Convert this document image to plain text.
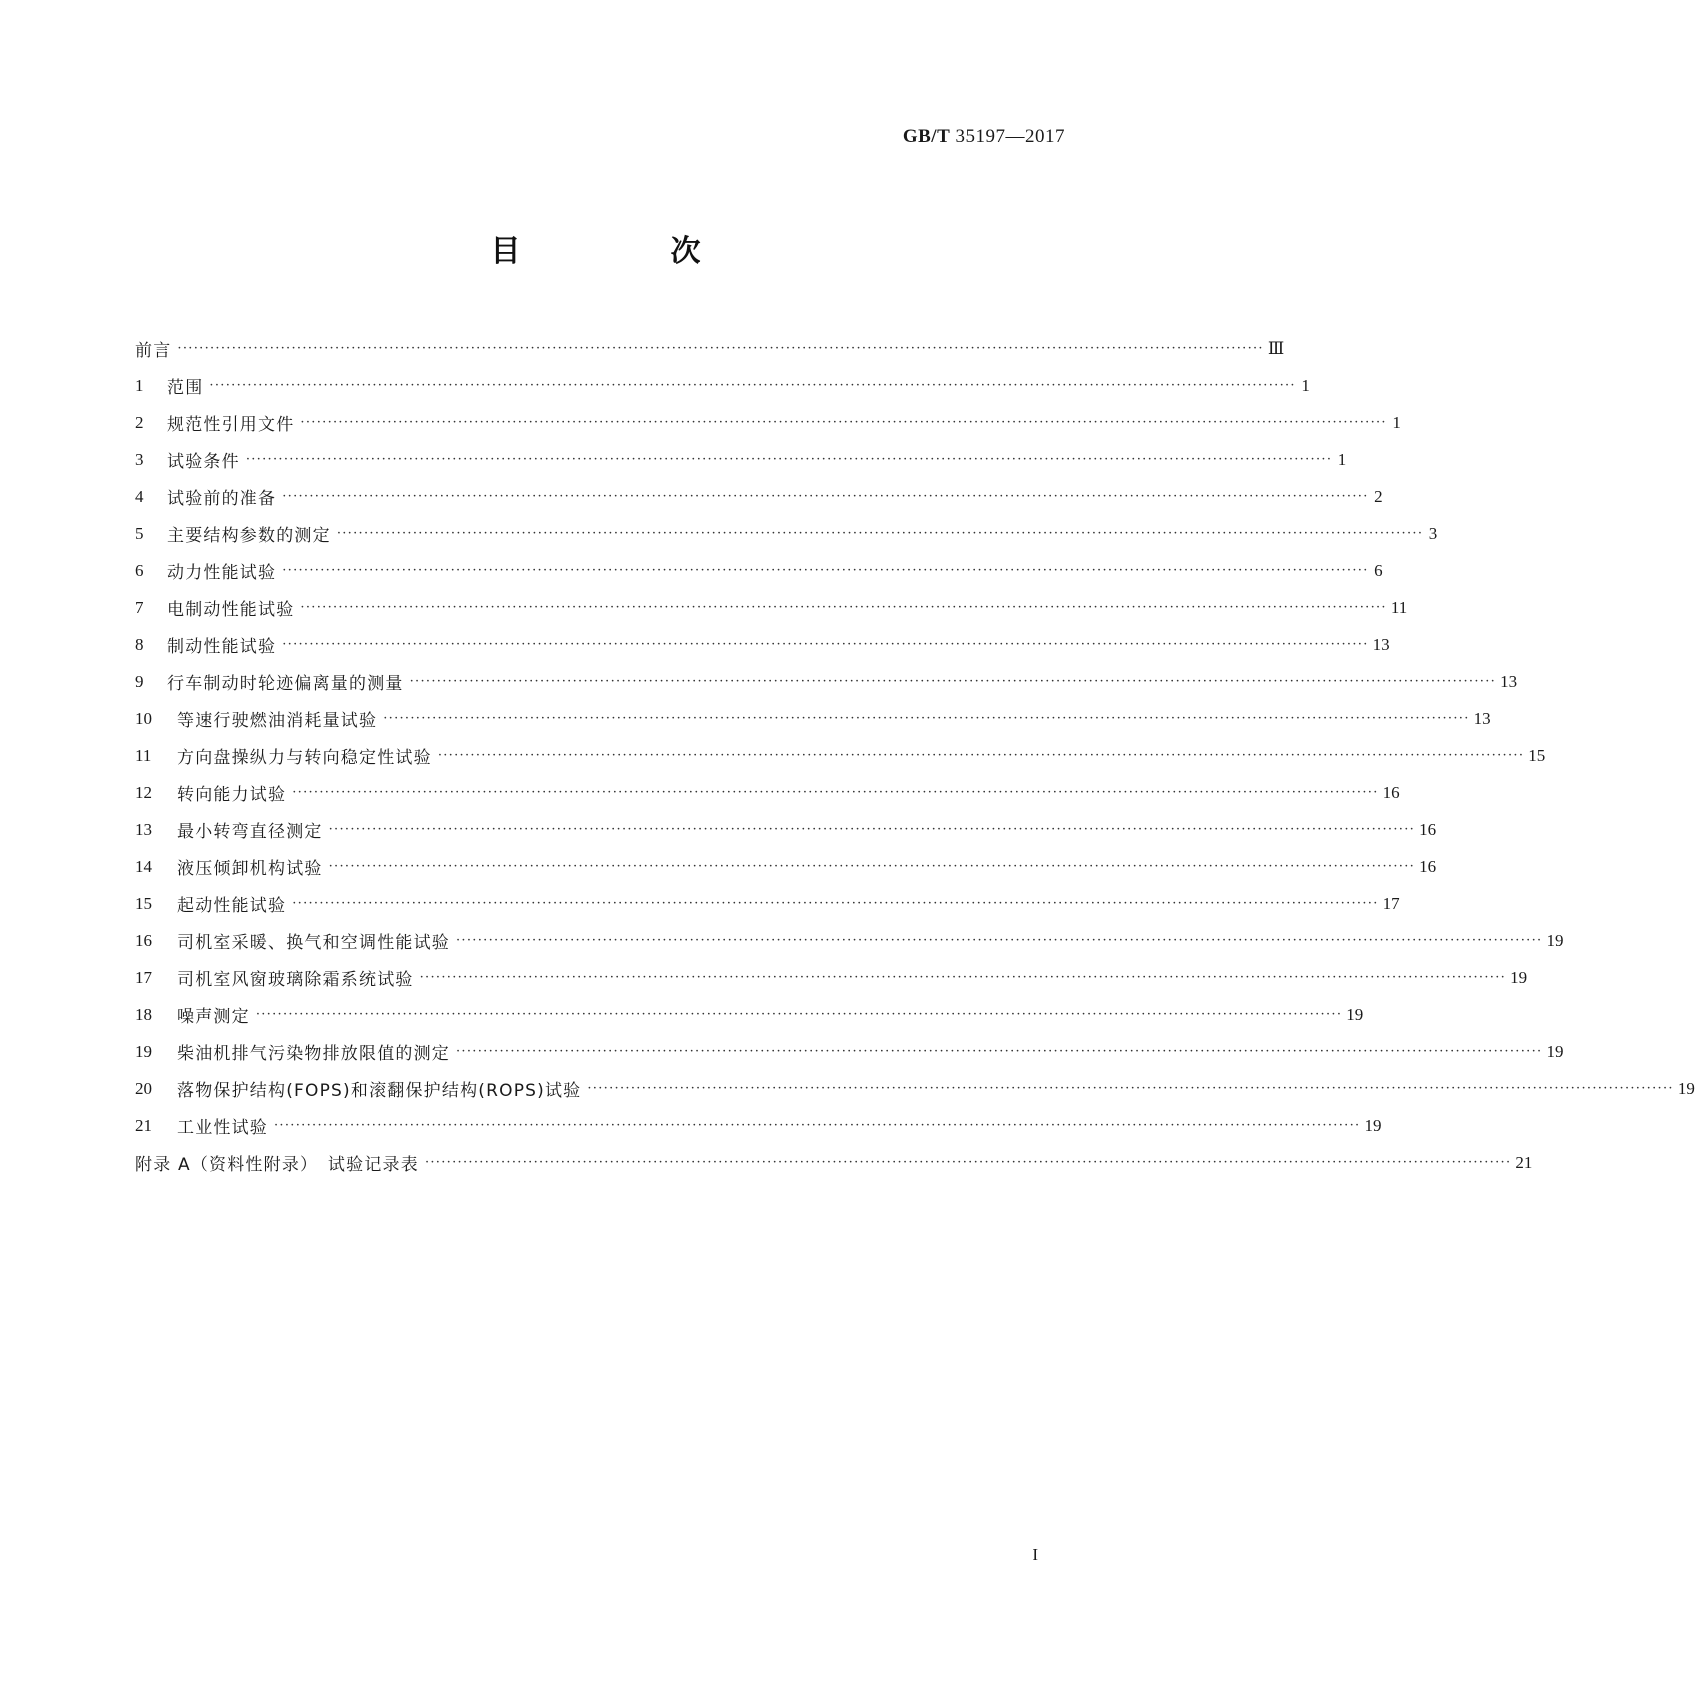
GB/T 35197—2017
目　次
前言 ········································································································································································································ Ⅲ
1	范围 ········································································································································································································ 1
2	规范性引用文件 ········································································································································································································ 1
3	试验条件 ········································································································································································································ 1
4	试验前的准备 ········································································································································································································ 2
5	主要结构参数的测定 ········································································································································································································ 3
6	动力性能试验 ········································································································································································································ 6
7	电制动性能试验 ········································································································································································································ 11
8	制动性能试验 ········································································································································································································ 13
9	行车制动时轮迹偏离量的测量 ········································································································································································································ 13
10	等速行驶燃油消耗量试验 ········································································································································································································ 13
11	方向盘操纵力与转向稳定性试验 ········································································································································································································ 15
12	转向能力试验 ········································································································································································································ 16
13	最小转弯直径测定 ········································································································································································································ 16
14	液压倾卸机构试验 ········································································································································································································ 16
15	起动性能试验 ········································································································································································································ 17
16	司机室采暖、换气和空调性能试验 ········································································································································································································ 19
17	司机室风窗玻璃除霜系统试验 ········································································································································································································ 19
18	噪声测定 ········································································································································································································ 19
19	柴油机排气污染物排放限值的测定 ········································································································································································································ 19
20	落物保护结构(FOPS)和滚翻保护结构(ROPS)试验 ········································································································································································································ 19
21	工业性试验 ········································································································································································································ 19
附录 A（资料性附录）　试验记录表 ········································································································································································································ 21
I
